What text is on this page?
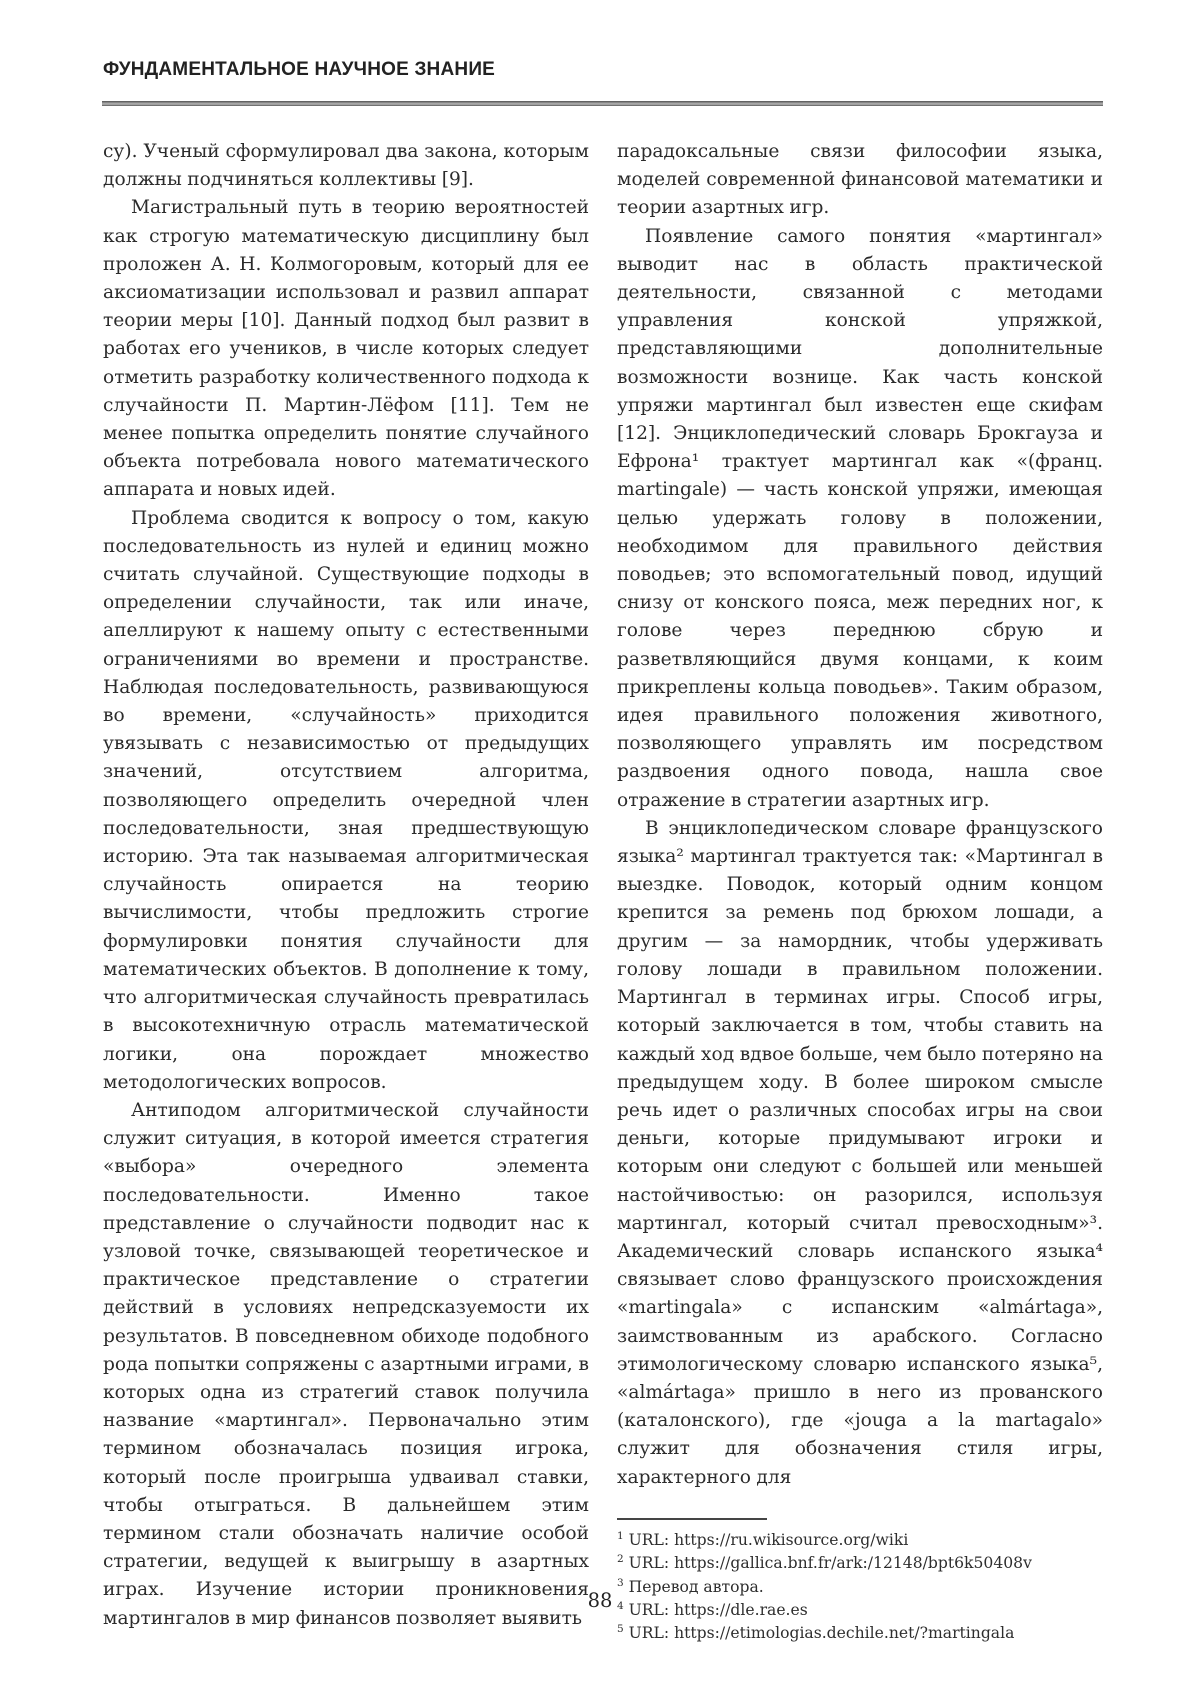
ФУНДАМЕНТАЛЬНОЕ НАУЧНОЕ ЗНАНИЕ

су). Ученый сформулировал два закона, которым должны подчиняться коллективы [9].

Магистральный путь в теорию вероятностей как строгую математическую дисциплину был проложен А. Н. Колмогоровым, который для ее аксиоматизации использовал и развил аппарат теории меры [10]. Данный подход был развит в работах его учеников, в числе которых следует отметить разработку количественного подхода к случайности П. Мартин-Лёфом [11]. Тем не менее попытка определить понятие случайного объекта потребовала нового математического аппарата и новых идей.

Проблема сводится к вопросу о том, какую последовательность из нулей и единиц можно считать случайной. Существующие подходы в определении случайности, так или иначе, апеллируют к нашему опыту с естественными ограничениями во времени и пространстве. Наблюдая последовательность, развивающуюся во времени, «случайность» приходится увязывать с независимостью от предыдущих значений, отсутствием алгоритма, позволяющего определить очередной член последовательности, зная предшествующую историю. Эта так называемая алгоритмическая случайность опирается на теорию вычислимости, чтобы предложить строгие формулировки понятия случайности для математических объектов. В дополнение к тому, что алгоритмическая случайность превратилась в высокотехничную отрасль математической логики, она порождает множество методологических вопросов.

Антиподом алгоритмической случайности служит ситуация, в которой имеется стратегия «выбора» очередного элемента последовательности. Именно такое представление о случайности подводит нас к узловой точке, связывающей теоретическое и практическое представление о стратегии действий в условиях непредсказуемости их результатов. В повседневном обиходе подобного рода попытки сопряжены с азартными играми, в которых одна из стратегий ставок получила название «мартингал». Первоначально этим термином обозначалась позиция игрока, который после проигрыша удваивал ставки, чтобы отыграться. В дальнейшем этим термином стали обозначать наличие особой стратегии, ведущей к выигрышу в азартных играх. Изучение истории проникновения мартингалов в мир финансов позволяет выявить

парадоксальные связи философии языка, моделей современной финансовой математики и теории азартных игр.

Появление самого понятия «мартингал» выводит нас в область практической деятельности, связанной с методами управления конской упряжкой, представляющими дополнительные возможности вознице. Как часть конской упряжи мартингал был известен еще скифам [12]. Энциклопедический словарь Брокгауза и Ефрона¹ трактует мартингал как «(франц. martingale) — часть конской упряжи, имеющая целью удержать голову в положении, необходимом для правильного действия поводьев; это вспомогательный повод, идущий снизу от конского пояса, меж передних ног, к голове через переднюю сбрую и разветвляющийся двумя концами, к коим прикреплены кольца поводьев». Таким образом, идея правильного положения животного, позволяющего управлять им посредством раздвоения одного повода, нашла свое отражение в стратегии азартных игр.

В энциклопедическом словаре французского языка² мартингал трактуется так: «Мартингал в выездке. Поводок, который одним концом крепится за ремень под брюхом лошади, а другим — за намордник, чтобы удерживать голову лошади в правильном положении. Мартингал в терминах игры. Способ игры, который заключается в том, чтобы ставить на каждый ход вдвое больше, чем было потеряно на предыдущем ходу. В более широком смысле речь идет о различных способах игры на свои деньги, которые придумывают игроки и которым они следуют с большей или меньшей настойчивостью: он разорился, используя мартингал, который считал превосходным»³. Академический словарь испанского языка⁴ связывает слово французского происхождения «martingala» с испанским «almártaga», заимствованным из арабского. Согласно этимологическому словарю испанского языка⁵, «almártaga» пришло в него из прованского (каталонского), где «jouga a la martagalo» служит для обозначения стиля игры, характерного для

$^1$ URL: https://ru.wikisource.org/wiki
$^2$ URL: https://gallica.bnf.fr/ark:/12148/bpt6k50408v
$^3$ Перевод автора.
$^4$ URL: https://dle.rae.es
$^5$ URL: https://etimologias.dechile.net/?martingala
88
